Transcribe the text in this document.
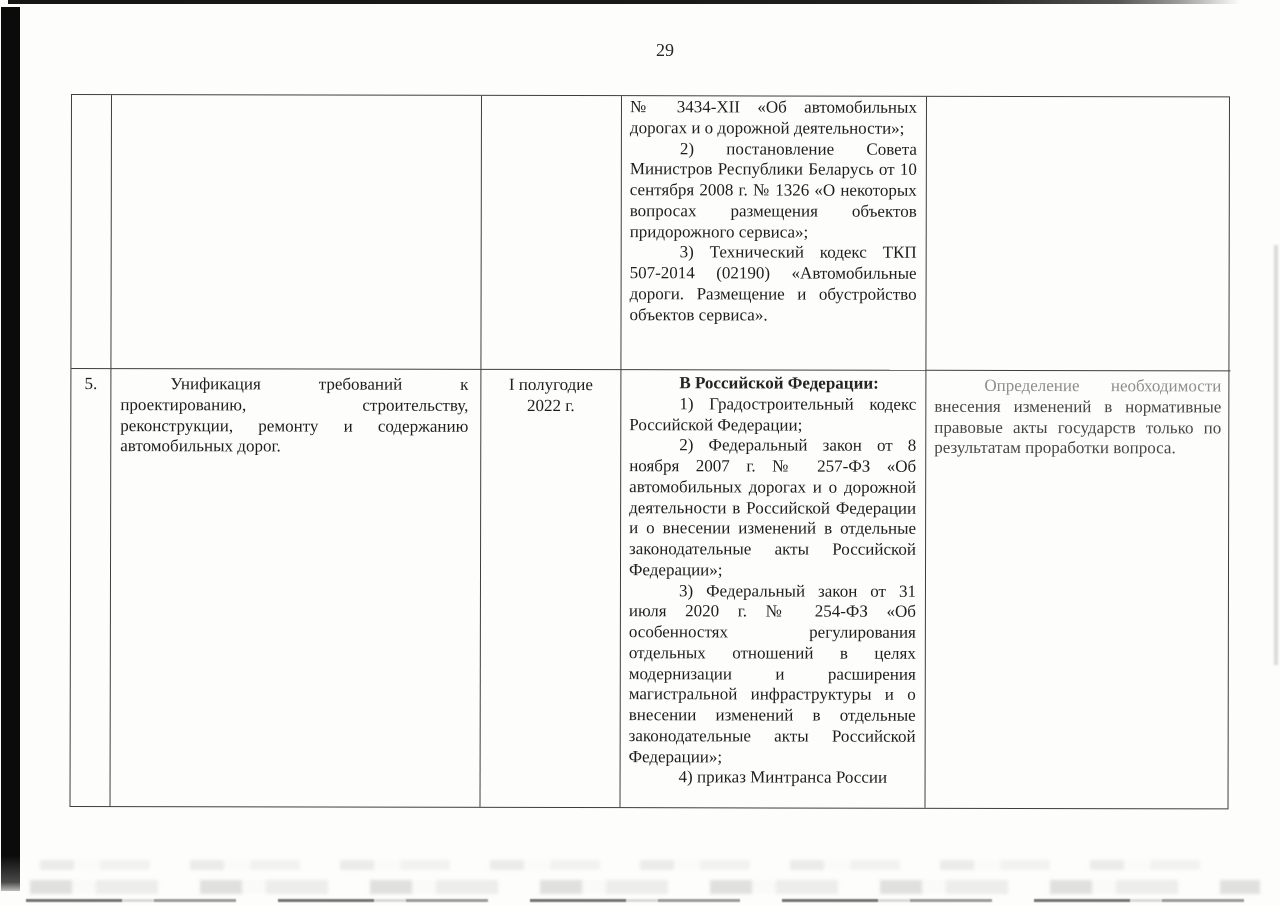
29

№ 3434-XII «Об автомобильных дорогах и о дорожной деятельности»;

2) постановление Совета Министров Республики Беларусь от 10 сентября 2008 г. № 1326 «О некоторых вопросах размещения объектов придорожного сервиса»;

3) Технический кодекс ТКП 507-2014 (02190) «Автомобильные дороги. Размещение и обустройство объектов сервиса».

5.	Унификация требований к проектированию, строительству, реконструкции, ремонту и содержанию автомобильных дорог.

I полугодие 2022 г.

В Российской Федерации:

1) Градостроительный кодекс Российской Федерации;

2) Федеральный закон от 8 ноября 2007 г. № 257-ФЗ «Об автомобильных дорогах и о дорожной деятельности в Российской Федерации и о внесении изменений в отдельные законодательные акты Российской Федерации»;

3) Федеральный закон от 31 июля 2020 г. № 254-ФЗ «Об особенностях регулирования отдельных отношений в целях модернизации и расширения магистральной инфраструктуры и о внесении изменений в отдельные законодательные акты Российской Федерации»;

4) приказ Минтранса России

Определение необходимости внесения изменений в нормативные правовые акты государств только по результатам проработки вопроса.
